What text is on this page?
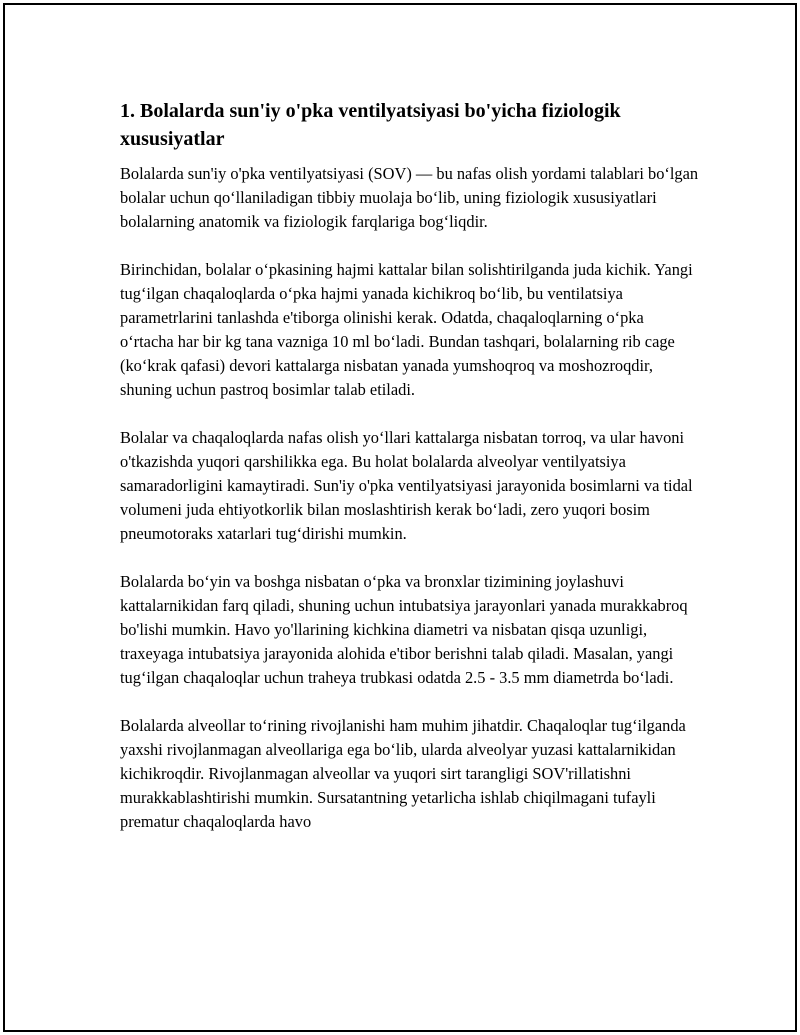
1. Bolalarda sun'iy o'pka ventilyatsiyasi bo'yicha fiziologik xususiyatlar

Bolalarda sun'iy o'pka ventilyatsiyasi (SOV) — bu nafas olish yordami talablari bo‘lgan bolalar uchun qo‘llaniladigan tibbiy muolaja bo‘lib, uning fiziologik xususiyatlari bolalarning anatomik va fiziologik farqlariga bog‘liqdir.

Birinchidan, bolalar o‘pkasining hajmi kattalar bilan solishtirilganda juda kichik. Yangi tug‘ilgan chaqaloqlarda o‘pka hajmi yanada kichikroq bo‘lib, bu ventilatsiya parametrlarini tanlashda e'tiborga olinishi kerak. Odatda, chaqaloqlarning o‘pka o‘rtacha har bir kg tana vazniga 10 ml bo‘ladi. Bundan tashqari, bolalarning rib cage (ko‘krak qafasi) devori kattalarga nisbatan yanada yumshoqroq va moshozroqdir, shuning uchun pastroq bosimlar talab etiladi.

Bolalar va chaqaloqlarda nafas olish yo‘llari kattalarga nisbatan torroq, va ular havoni o'tkazishda yuqori qarshilikka ega. Bu holat bolalarda alveolyar ventilyatsiya samaradorligini kamaytiradi. Sun'iy o'pka ventilyatsiyasi jarayonida bosimlarni va tidal volumeni juda ehtiyotkorlik bilan moslashtirish kerak bo‘ladi, zero yuqori bosim pneumotoraks xatarlari tug‘dirishi mumkin.

Bolalarda bo‘yin va boshga nisbatan o‘pka va bronxlar tizimining joylashuvi kattalarnikidan farq qiladi, shuning uchun intubatsiya jarayonlari yanada murakkabroq bo'lishi mumkin. Havo yo'llarining kichkina diametri va nisbatan qisqa uzunligi, traxeyaga intubatsiya jarayonida alohida e'tibor berishni talab qiladi. Masalan, yangi tug‘ilgan chaqaloqlar uchun traheya trubkasi odatda 2.5 - 3.5 mm diametrda bo‘ladi.

Bolalarda alveollar to‘rining rivojlanishi ham muhim jihatdir. Chaqaloqlar tug‘ilganda yaxshi rivojlanmagan alveollariga ega bo‘lib, ularda alveolyar yuzasi kattalarnikidan kichikroqdir. Rivojlanmagan alveollar va yuqori sirt tarangligi SOV'rillatishni murakkablashtirishi mumkin. Sursatantning yetarlicha ishlab chiqilmagani tufayli prematur chaqaloqlarda havo
